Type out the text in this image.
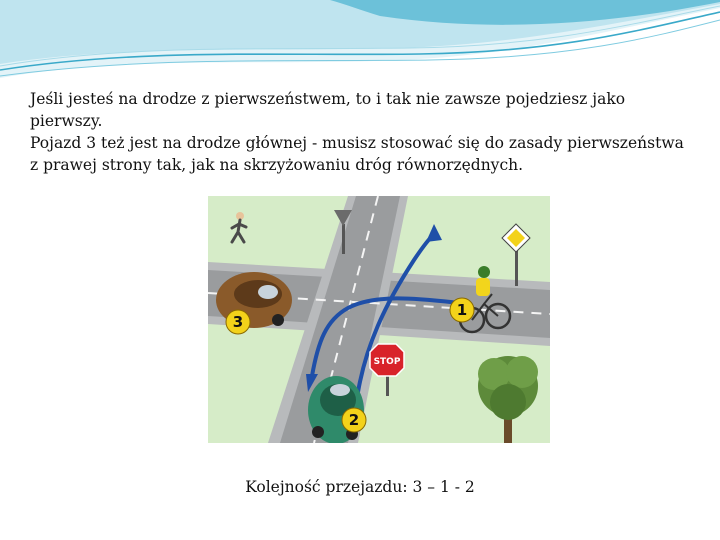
Jeśli jesteś na drodze z pierwszeństwem, to i tak nie zawsze pojedziesz jako pierwszy.

Pojazd 3 też jest na drodze głównej - musisz stosować się do zasady pierwszeństwa z prawej strony tak, jak na skrzyżowaniu dróg równorzędnych.

3
1
STOP
2
Kolejność przejazdu: 3 – 1 - 2
